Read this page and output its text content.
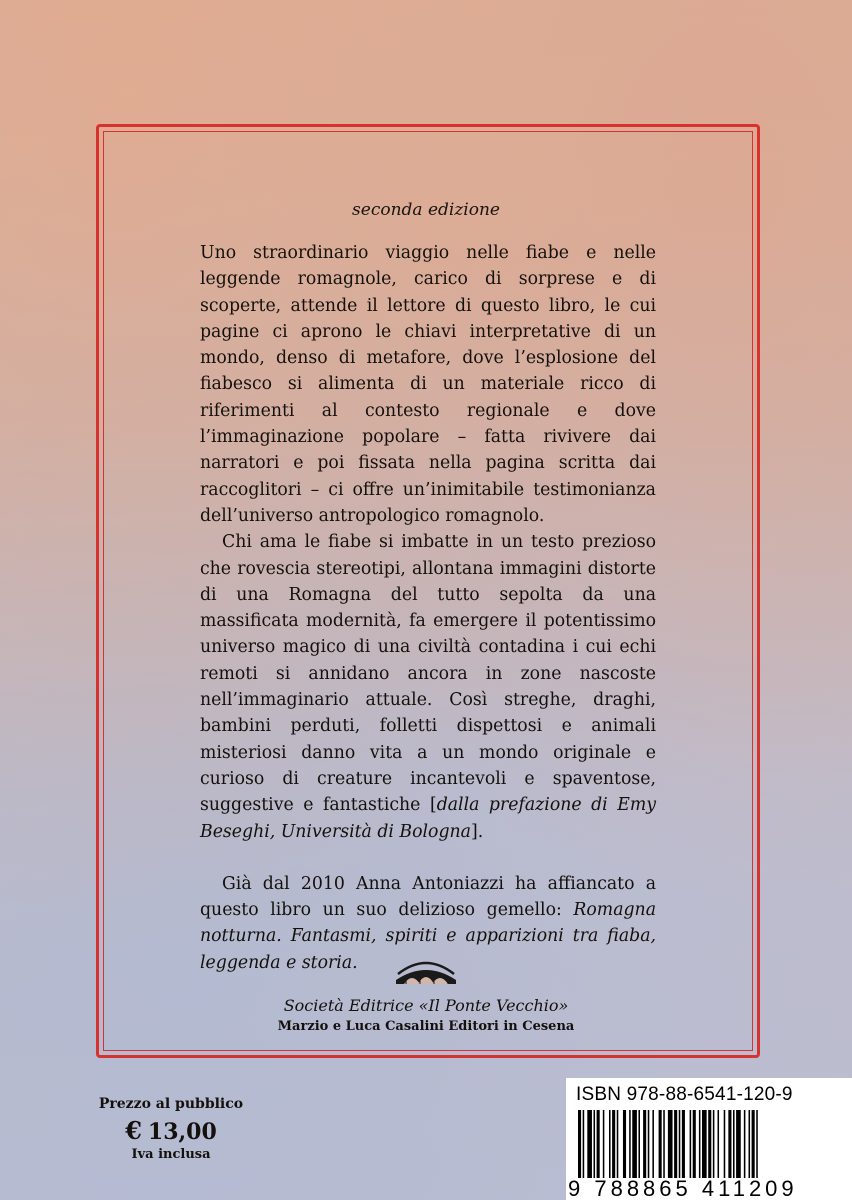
seconda edizione

Uno straordinario viaggio nelle fiabe e nelle leggende romagnole, carico di sorprese e di scoperte, attende il lettore di questo libro, le cui pagine ci aprono le chiavi interpretative di un mondo, denso di metafore, dove l’esplosione del fiabesco si alimenta di un materiale ricco di riferimenti al contesto regionale e dove l’immaginazione popolare – fatta rivivere dai narratori e poi fissata nella pagina scritta dai raccoglitori – ci offre un’inimitabile testimonianza dell’universo antropologico romagnolo.

Chi ama le fiabe si imbatte in un testo prezioso che rovescia stereotipi, allontana immagini distorte di una Romagna del tutto sepolta da una massificata modernità, fa emergere il potentissimo universo magico di una civiltà contadina i cui echi remoti si annidano ancora in zone nascoste nell’immaginario attuale. Così streghe, draghi, bambini perduti, folletti dispettosi e animali misteriosi danno vita a un mondo originale e curioso di creature incantevoli e spaventose, suggestive e fantastiche [dalla prefazione di Emy Beseghi, Università di Bologna].

Già dal 2010 Anna Antoniazzi ha affiancato a questo libro un suo delizioso gemello: Romagna notturna. Fantasmi, spiriti e apparizioni tra fiaba, leggenda e storia.

Società Editrice «Il Ponte Vecchio»
Marzio e Luca Casalini Editori in Cesena
Prezzo al pubblico
€ 13,00
Iva inclusa
ISBN 978-88-6541-120-9
9 788865 411209
